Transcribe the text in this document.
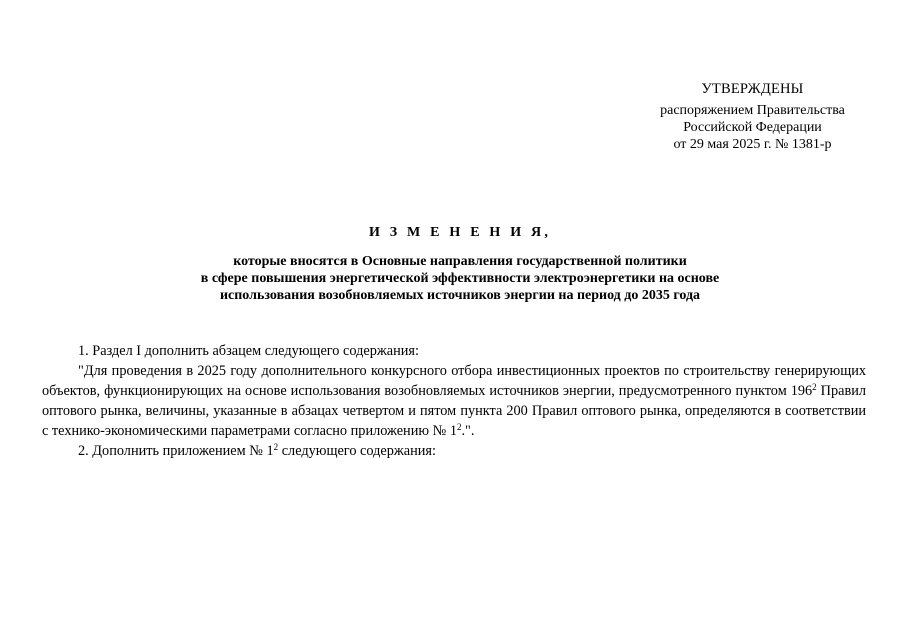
УТВЕРЖДЕНЫ
распоряжением Правительства
Российской Федерации
от 29 мая 2025 г. № 1381-р
И З М Е Н Е Н И Я,
которые вносятся в Основные направления государственной политики
в сфере повышения энергетической эффективности электроэнергетики на основе
использования возобновляемых источников энергии на период до 2035 года

1. Раздел I дополнить абзацем следующего содержания:

"Для проведения в 2025 году дополнительного конкурсного отбора инвестиционных проектов по строительству генерирующих объектов, функционирующих на основе использования возобновляемых источников энергии, предусмотренного пунктом $196^2$ Правил оптового рынка, величины, указанные в абзацах четвертом и пятом пункта 200 Правил оптового рынка, определяются в соответствии с технико-экономическими параметрами согласно приложению № $1^2$.".

2. Дополнить приложением № $1^2$ следующего содержания:
